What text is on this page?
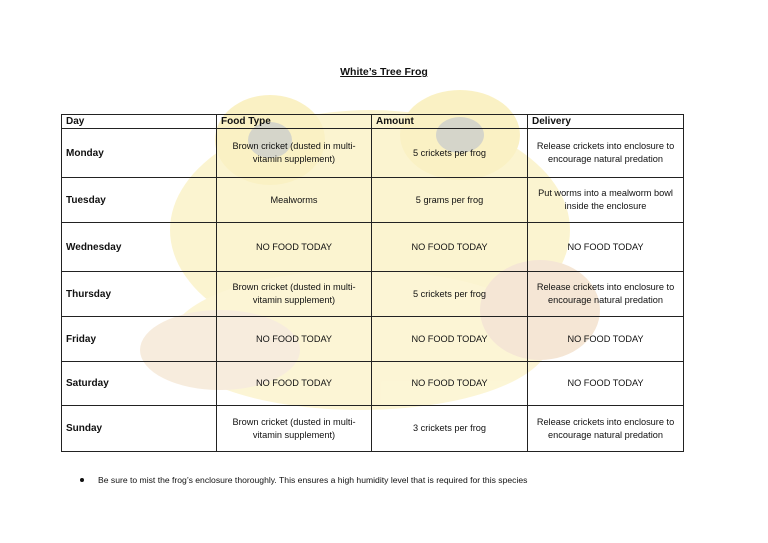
White’s Tree Frog
Day	Food Type	Amount	Delivery
Monday	Brown cricket (dusted in multi-vitamin supplement)	5 crickets per frog	Release crickets into enclosure to encourage natural predation
Tuesday	Mealworms	5 grams per frog	Put worms into a mealworm bowl inside the enclosure
Wednesday	NO FOOD TODAY	NO FOOD TODAY	NO FOOD TODAY
Thursday	Brown cricket (dusted in multi-vitamin supplement)	5 crickets per frog	Release crickets into enclosure to encourage natural predation
Friday	NO FOOD TODAY	NO FOOD TODAY	NO FOOD TODAY
Saturday	NO FOOD TODAY	NO FOOD TODAY	NO FOOD TODAY
Sunday	Brown cricket (dusted in multi-vitamin supplement)	3 crickets per frog	Release crickets into enclosure to encourage natural predation
Be sure to mist the frog’s enclosure thoroughly. This ensures a high humidity level that is required for this species
